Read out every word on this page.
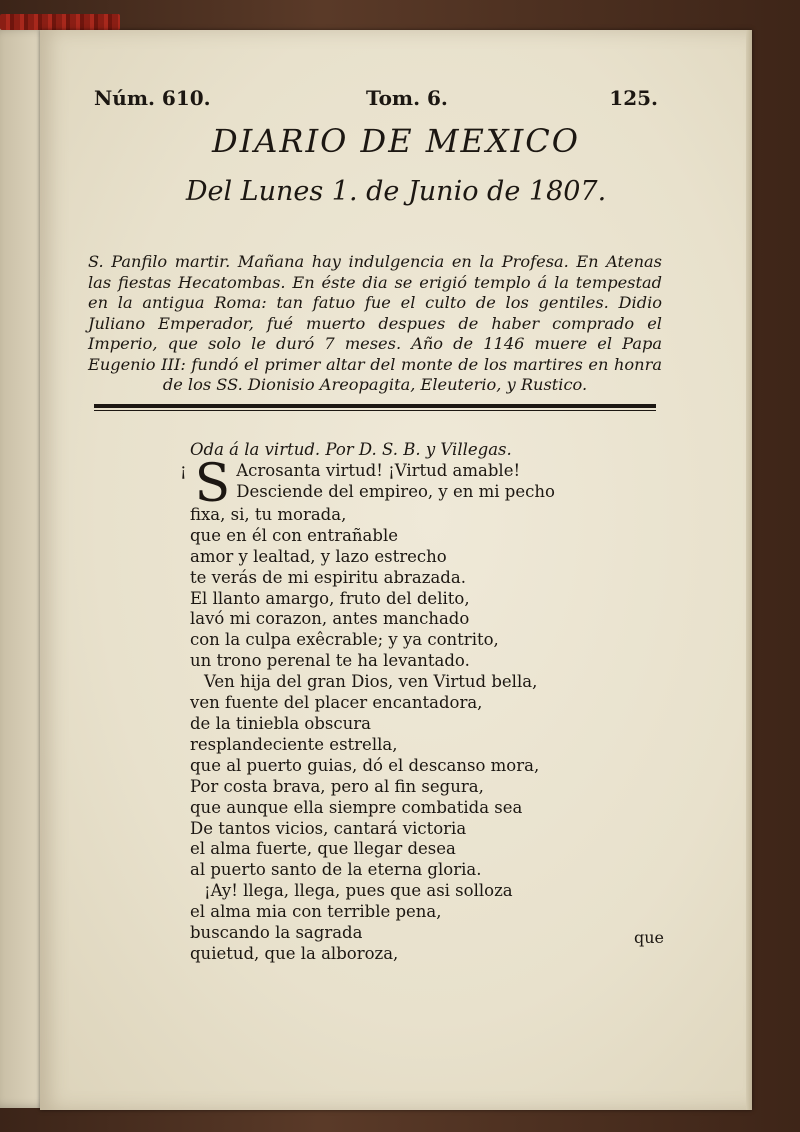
Núm. 610.	Tom. 6.	125.
DIARIO DE MEXICO
Del Lunes 1. de Junio de 1807.
S. Panfilo martir. Mañana hay indulgencia en la Profesa. En Atenas las fiestas Hecatombas. En éste dia se erigió templo á la tempestad en la antigua Roma: tan fatuo fue el culto de los gentiles. Didio Juliano Emperador, fué muerto despues de haber comprado el Imperio, que solo le duró 7 meses. Año de 1146 muere el Papa Eugenio III: fundó el primer altar del monte de los martires en honra de los SS. Dionisio Areopagita, Eleuterio, y Rustico.
Oda á la virtud. Por D. S. B. y Villegas.
¡ S Acrosanta virtud! ¡Virtud amable!
Desciende del empireo, y en mi pecho
fixa, si, tu morada,
que en él con entrañable
amor y lealtad, y lazo estrecho
te verás de mi espiritu abrazada.
El llanto amargo, fruto del delito,
lavó mi corazon, antes manchado
con la culpa exêcrable; y ya contrito,
un trono perenal te ha levantado.
Ven hija del gran Dios, ven Virtud bella,
ven fuente del placer encantadora,
de la tiniebla obscura
resplandeciente estrella,
que al puerto guias, dó el descanso mora,
Por costa brava, pero al fin segura,
que aunque ella siempre combatida sea
De tantos vicios, cantará victoria
el alma fuerte, que llegar desea
al puerto santo de la eterna gloria.
¡Ay! llega, llega, pues que asi solloza
el alma mia con terrible pena,
buscando la sagrada
quietud, que la alboroza,
que
